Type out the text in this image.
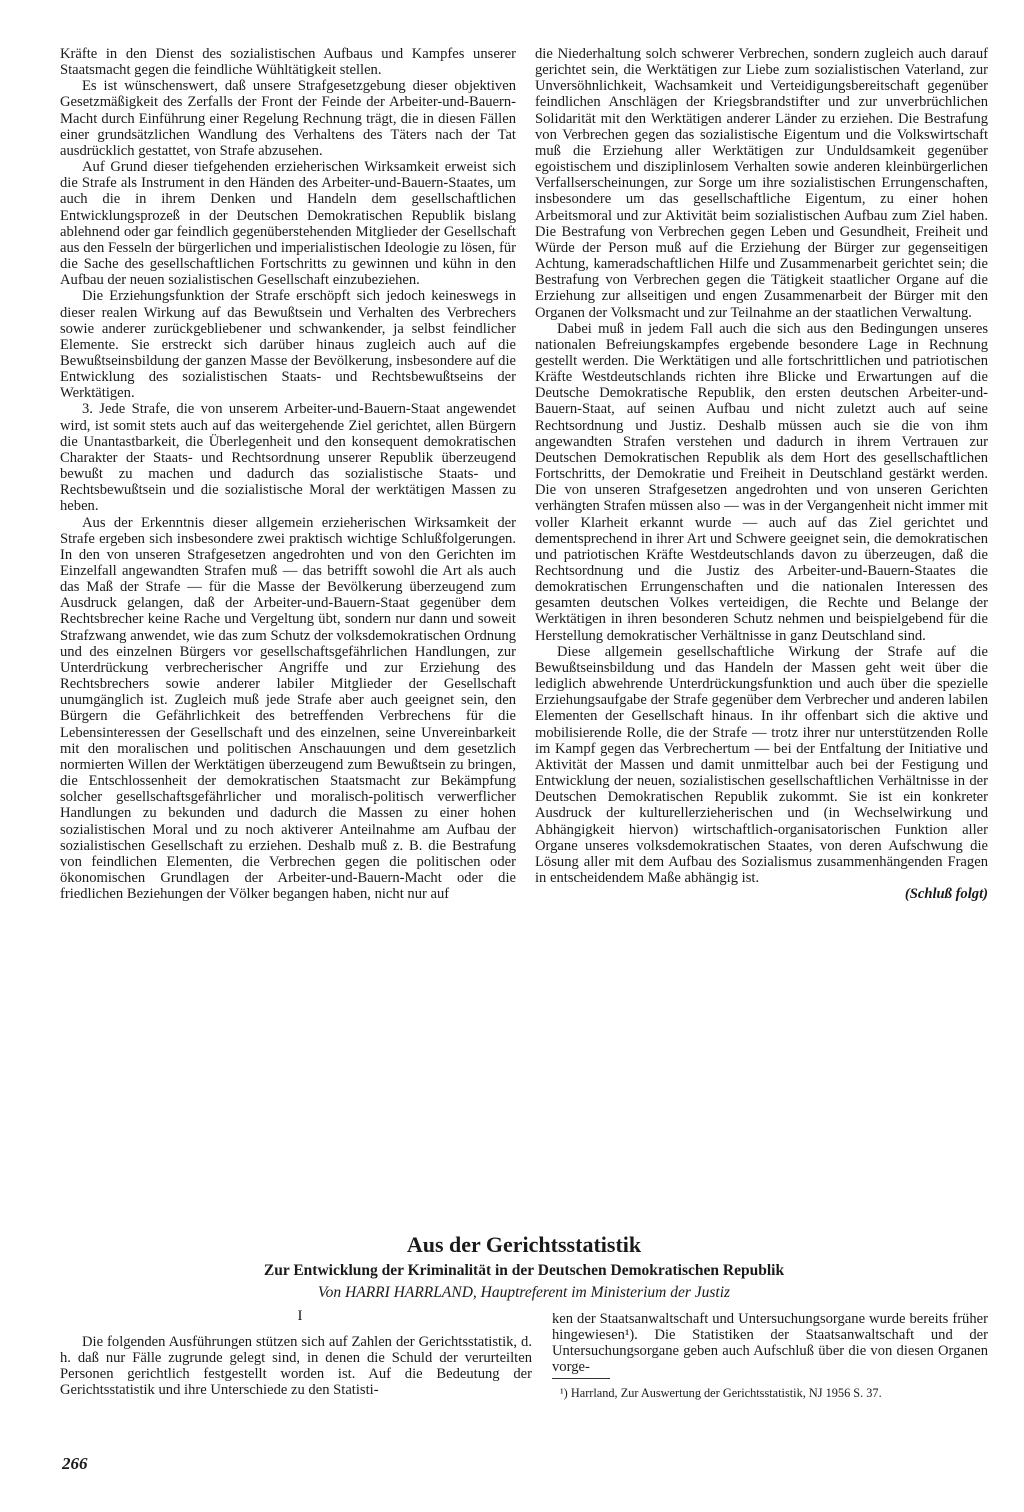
Kräfte in den Dienst des sozialistischen Aufbaus und Kampfes unserer Staatsmacht gegen die feindliche Wühltätigkeit stellen.

Es ist wünschenswert, daß unsere Strafgesetzgebung dieser objektiven Gesetzmäßigkeit des Zerfalls der Front der Feinde der Arbeiter-und-Bauern-Macht durch Einführung einer Regelung Rechnung trägt, die in diesen Fällen einer grundsätzlichen Wandlung des Verhaltens des Täters nach der Tat ausdrücklich gestattet, von Strafe abzusehen.

Auf Grund dieser tiefgehenden erzieherischen Wirksamkeit erweist sich die Strafe als Instrument in den Händen des Arbeiter-und-Bauern-Staates, um auch die in ihrem Denken und Handeln dem gesellschaftlichen Entwicklungsprozeß in der Deutschen Demokratischen Republik bislang ablehnend oder gar feindlich gegenüberstehenden Mitglieder der Gesellschaft aus den Fesseln der bürgerlichen und imperialistischen Ideologie zu lösen, für die Sache des gesellschaftlichen Fortschritts zu gewinnen und kühn in den Aufbau der neuen sozialistischen Gesellschaft einzubeziehen.

Die Erziehungsfunktion der Strafe erschöpft sich jedoch keineswegs in dieser realen Wirkung auf das Bewußtsein und Verhalten des Verbrechers sowie anderer zurückgebliebener und schwankender, ja selbst feindlicher Elemente. Sie erstreckt sich darüber hinaus zugleich auch auf die Bewußtseinsbildung der ganzen Masse der Bevölkerung, insbesondere auf die Entwicklung des sozialistischen Staats- und Rechtsbewußtseins der Werktätigen.

3. Jede Strafe, die von unserem Arbeiter-und-Bauern-Staat angewendet wird, ist somit stets auch auf das weitergehende Ziel gerichtet, allen Bürgern die Unantastbarkeit, die Überlegenheit und den konsequent demokratischen Charakter der Staats- und Rechtsordnung unserer Republik überzeugend bewußt zu machen und dadurch das sozialistische Staats- und Rechtsbewußtsein und die sozialistische Moral der werktätigen Massen zu heben.

Aus der Erkenntnis dieser allgemein erzieherischen Wirksamkeit der Strafe ergeben sich insbesondere zwei praktisch wichtige Schlußfolgerungen. In den von unseren Strafgesetzen angedrohten und von den Gerichten im Einzelfall angewandten Strafen muß — das betrifft sowohl die Art als auch das Maß der Strafe — für die Masse der Bevölkerung überzeugend zum Ausdruck gelangen, daß der Arbeiter-und-Bauern-Staat gegenüber dem Rechtsbrecher keine Rache und Vergeltung übt, sondern nur dann und soweit Strafzwang anwendet, wie das zum Schutz der volksdemokratischen Ordnung und des einzelnen Bürgers vor gesellschaftsgefährlichen Handlungen, zur Unterdrückung verbrecherischer Angriffe und zur Erziehung des Rechtsbrechers sowie anderer labiler Mitglieder der Gesellschaft unumgänglich ist. Zugleich muß jede Strafe aber auch geeignet sein, den Bürgern die Gefährlichkeit des betreffenden Verbrechens für die Lebensinteressen der Gesellschaft und des einzelnen, seine Unvereinbarkeit mit den moralischen und politischen Anschauungen und dem gesetzlich normierten Willen der Werktätigen überzeugend zum Bewußtsein zu bringen, die Entschlossenheit der demokratischen Staatsmacht zur Bekämpfung solcher gesellschaftsgefährlicher und moralisch-politisch verwerflicher Handlungen zu bekunden und dadurch die Massen zu einer hohen sozialistischen Moral und zu noch aktiverer Anteilnahme am Aufbau der sozialistischen Gesellschaft zu erziehen. Deshalb muß z. B. die Bestrafung von feindlichen Elementen, die Verbrechen gegen die politischen oder ökonomischen Grundlagen der Arbeiter-und-Bauern-Macht oder die friedlichen Beziehungen der Völker begangen haben, nicht nur auf

die Niederhaltung solch schwerer Verbrechen, sondern zugleich auch darauf gerichtet sein, die Werktätigen zur Liebe zum sozialistischen Vaterland, zur Unversöhnlichkeit, Wachsamkeit und Verteidigungsbereitschaft gegenüber feindlichen Anschlägen der Kriegsbrandstifter und zur unverbrüchlichen Solidarität mit den Werktätigen anderer Länder zu erziehen. Die Bestrafung von Verbrechen gegen das sozialistische Eigentum und die Volkswirtschaft muß die Erziehung aller Werktätigen zur Unduldsamkeit gegenüber egoistischem und disziplinlosem Verhalten sowie anderen kleinbürgerlichen Verfallserscheinungen, zur Sorge um ihre sozialistischen Errungenschaften, insbesondere um das gesellschaftliche Eigentum, zu einer hohen Arbeitsmoral und zur Aktivität beim sozialistischen Aufbau zum Ziel haben. Die Bestrafung von Verbrechen gegen Leben und Gesundheit, Freiheit und Würde der Person muß auf die Erziehung der Bürger zur gegenseitigen Achtung, kameradschaftlichen Hilfe und Zusammenarbeit gerichtet sein; die Bestrafung von Verbrechen gegen die Tätigkeit staatlicher Organe auf die Erziehung zur allseitigen und engen Zusammenarbeit der Bürger mit den Organen der Volksmacht und zur Teilnahme an der staatlichen Verwaltung.

Dabei muß in jedem Fall auch die sich aus den Bedingungen unseres nationalen Befreiungskampfes ergebende besondere Lage in Rechnung gestellt werden. Die Werktätigen und alle fortschrittlichen und patriotischen Kräfte Westdeutschlands richten ihre Blicke und Erwartungen auf die Deutsche Demokratische Republik, den ersten deutschen Arbeiter-und-Bauern-Staat, auf seinen Aufbau und nicht zuletzt auch auf seine Rechtsordnung und Justiz. Deshalb müssen auch sie die von ihm angewandten Strafen verstehen und dadurch in ihrem Vertrauen zur Deutschen Demokratischen Republik als dem Hort des gesellschaftlichen Fortschritts, der Demokratie und Freiheit in Deutschland gestärkt werden. Die von unseren Strafgesetzen angedrohten und von unseren Gerichten verhängten Strafen müssen also — was in der Vergangenheit nicht immer mit voller Klarheit erkannt wurde — auch auf das Ziel gerichtet und dementsprechend in ihrer Art und Schwere geeignet sein, die demokratischen und patriotischen Kräfte Westdeutschlands davon zu überzeugen, daß die Rechtsordnung und die Justiz des Arbeiter-und-Bauern-Staates die demokratischen Errungenschaften und die nationalen Interessen des gesamten deutschen Volkes verteidigen, die Rechte und Belange der Werktätigen in ihren besonderen Schutz nehmen und beispielgebend für die Herstellung demokratischer Verhältnisse in ganz Deutschland sind.

Diese allgemein gesellschaftliche Wirkung der Strafe auf die Bewußtseinsbildung und das Handeln der Massen geht weit über die lediglich abwehrende Unterdrückungsfunktion und auch über die spezielle Erziehungsaufgabe der Strafe gegenüber dem Verbrecher und anderen labilen Elementen der Gesellschaft hinaus. In ihr offenbart sich die aktive und mobilisierende Rolle, die der Strafe — trotz ihrer nur unterstützenden Rolle im Kampf gegen das Verbrechertum — bei der Entfaltung der Initiative und Aktivität der Massen und damit unmittelbar auch bei der Festigung und Entwicklung der neuen, sozialistischen gesellschaftlichen Verhältnisse in der Deutschen Demokratischen Republik zukommt. Sie ist ein konkreter Ausdruck der kulturellerzieherischen und (in Wechselwirkung und Abhängigkeit hiervon) wirtschaftlich-organisatorischen Funktion aller Organe unseres volksdemokratischen Staates, von deren Aufschwung die Lösung aller mit dem Aufbau des Sozialismus zusammenhängenden Fragen in entscheidendem Maße abhängig ist.

(Schluß folgt)

Aus der Gerichtsstatistik

Zur Entwicklung der Kriminalität in der Deutschen Demokratischen Republik

Von HARRI HARRLAND, Hauptreferent im Ministerium der Justiz

I

Die folgenden Ausführungen stützen sich auf Zahlen der Gerichtsstatistik, d. h. daß nur Fälle zugrunde gelegt sind, in denen die Schuld der verurteilten Personen gerichtlich festgestellt worden ist. Auf die Bedeutung der Gerichtsstatistik und ihre Unterschiede zu den Statisti-

ken der Staatsanwaltschaft und Untersuchungsorgane wurde bereits früher hingewiesen¹). Die Statistiken der Staatsanwaltschaft und der Untersuchungsorgane geben auch Aufschluß über die von diesen Organen vorge-

¹) Harrland, Zur Auswertung der Gerichtsstatistik, NJ 1956 S. 37.

266
